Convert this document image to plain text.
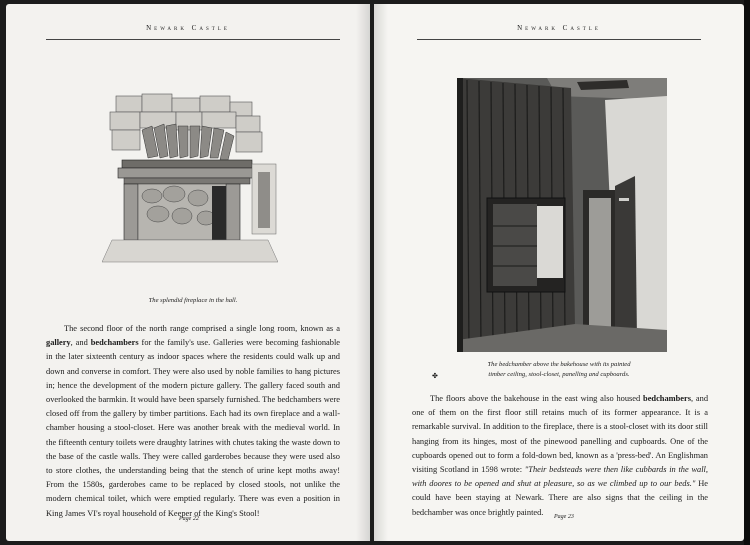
Newark Castle
The splendid fireplace in the hall.
The second floor of the north range comprised a single long room, known as a gallery, and bedchambers for the family's use. Galleries were becoming fashionable in the later sixteenth century as indoor spaces where the residents could walk up and down and converse in comfort. They were also used by noble families to hang pictures in; hence the development of the modern picture gallery. The gallery faced south and overlooked the barmkin. It would have been sparsely furnished. The bedchambers were closed off from the gallery by timber partitions. Each had its own fireplace and a wall-chamber housing a stool-closet. Here was another break with the medieval world. In the fifteenth century toilets were draughty latrines with chutes taking the waste down to the base of the castle walls. They were called garderobes because they were used also to store clothes, the understanding being that the stench of urine kept moths away! From the 1580s, garderobes came to be replaced by closed stools, not unlike the modern chemical toilet, which were emptied regularly. There was even a position in King James VI's royal household of Keeper of the King's Stool!
Page 22
Newark Castle
The bedchamber above the bakehouse with its painted
timber ceiling, stool-closet, panelling and cupboards.
✤
The floors above the bakehouse in the east wing also housed bedchambers, and one of them on the first floor still retains much of its former appearance. It is a remarkable survival. In addition to the fireplace, there is a stool-closet with its door still hanging from its hinges, most of the pinewood panelling and cupboards. One of the cupboards opened out to form a fold-down bed, known as a 'press-bed'. An Englishman visiting Scotland in 1598 wrote: "Their bedsteads were then like cubbards in the wall, with doores to be opened and shut at pleasure, so as we climbed up to our beds." He could have been staying at Newark. There are also signs that the ceiling in the bedchamber was once brightly painted.
Page 23
